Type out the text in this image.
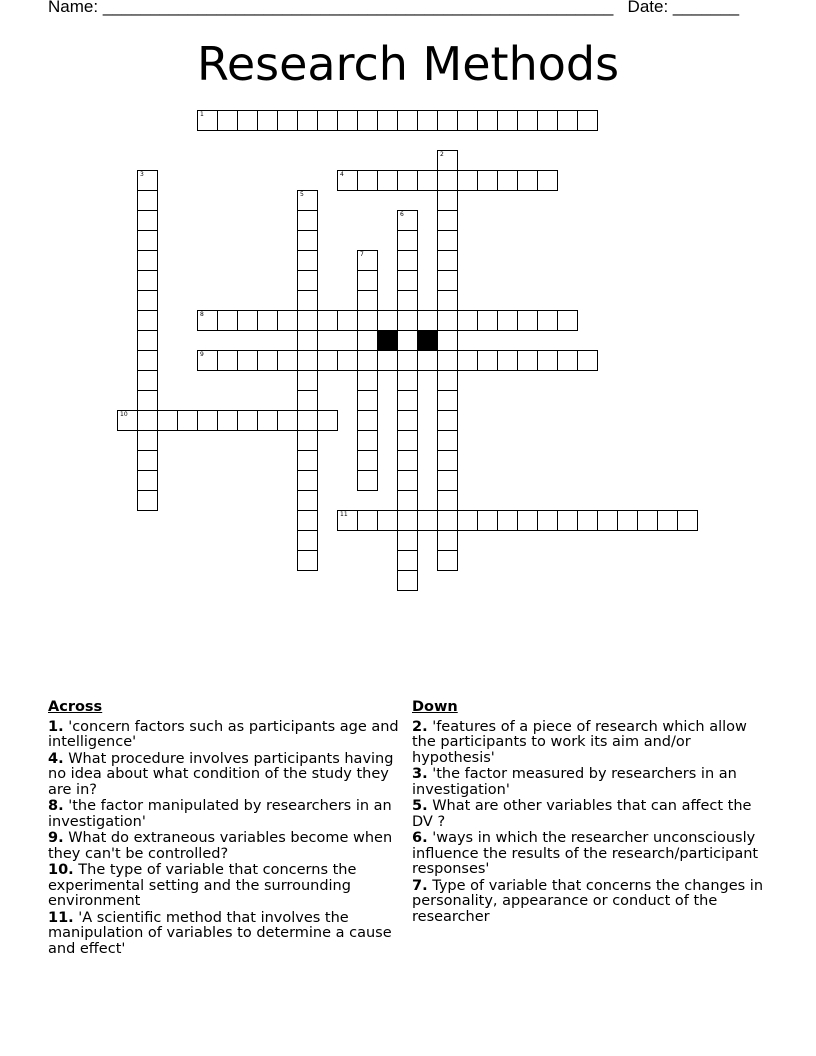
Name: ______________________________________________________ Date: _______
Research Methods
1
2
3	4
5
6
7
8
9
10
11
Across
1. 'concern factors such as participants age and intelligence'
4. What procedure involves participants having no idea about what condition of the study they are in?
8. 'the factor manipulated by researchers in an investigation'
9. What do extraneous variables become when they can't be controlled?
10. The type of variable that concerns the experimental setting and the surrounding environment
11. 'A scientific method that involves the manipulation of variables to determine a cause and effect'
Down
2. 'features of a piece of research which allow the participants to work its aim and/or hypothesis'
3. 'the factor measured by researchers in an investigation'
5. What are other variables that can affect the DV ?
6. 'ways in which the researcher unconsciously influence the results of the research/participant responses'
7. Type of variable that concerns the changes in personality, appearance or conduct of the researcher
